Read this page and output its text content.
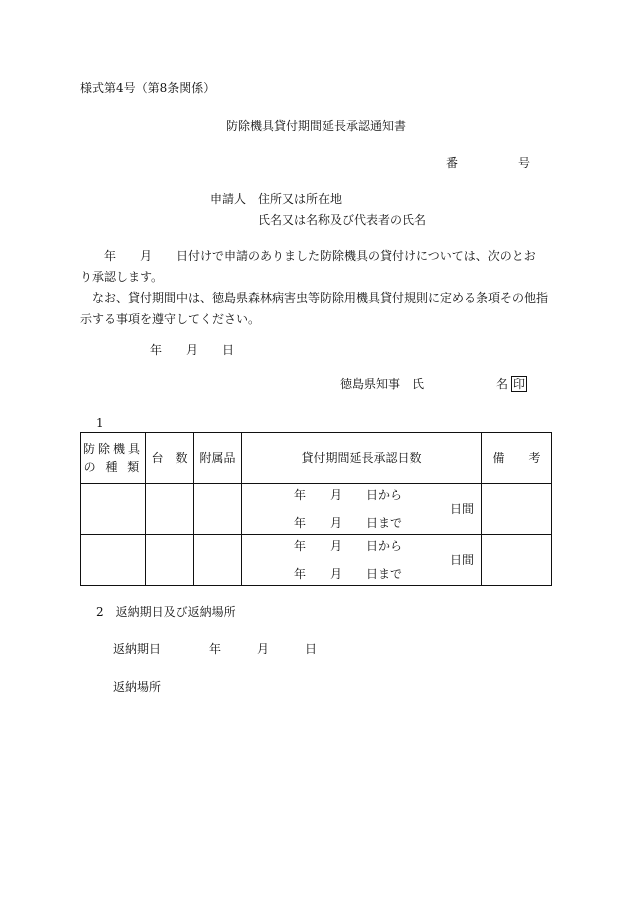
様式第4号（第8条関係）
防除機具貸付期間延長承認通知書
番　　　　　号
申請人 住所又は所在地
氏名又は名称及び代表者の氏名
　　年　　月　　日付けで申請のありました防除機具の貸付けについては、次のとお
り承認します。
　なお、貸付期間中は、徳島県森林病害虫等防除用機具貸付規則に定める条項その他指
示する事項を遵守してください。
年　　月　　日
徳島県知事　氏　　　　　　名 印
1
防除機具
の 種 類	台　数	附属品	貸付期間延長承認日数	備　　考

			年　　月　　日から
日間
年　　月　　日まで	

			年　　月　　日から
日間
年　　月　　日まで	

2　返納期日及び返納場所
返納期日	年　　　月　　　日
返納場所
